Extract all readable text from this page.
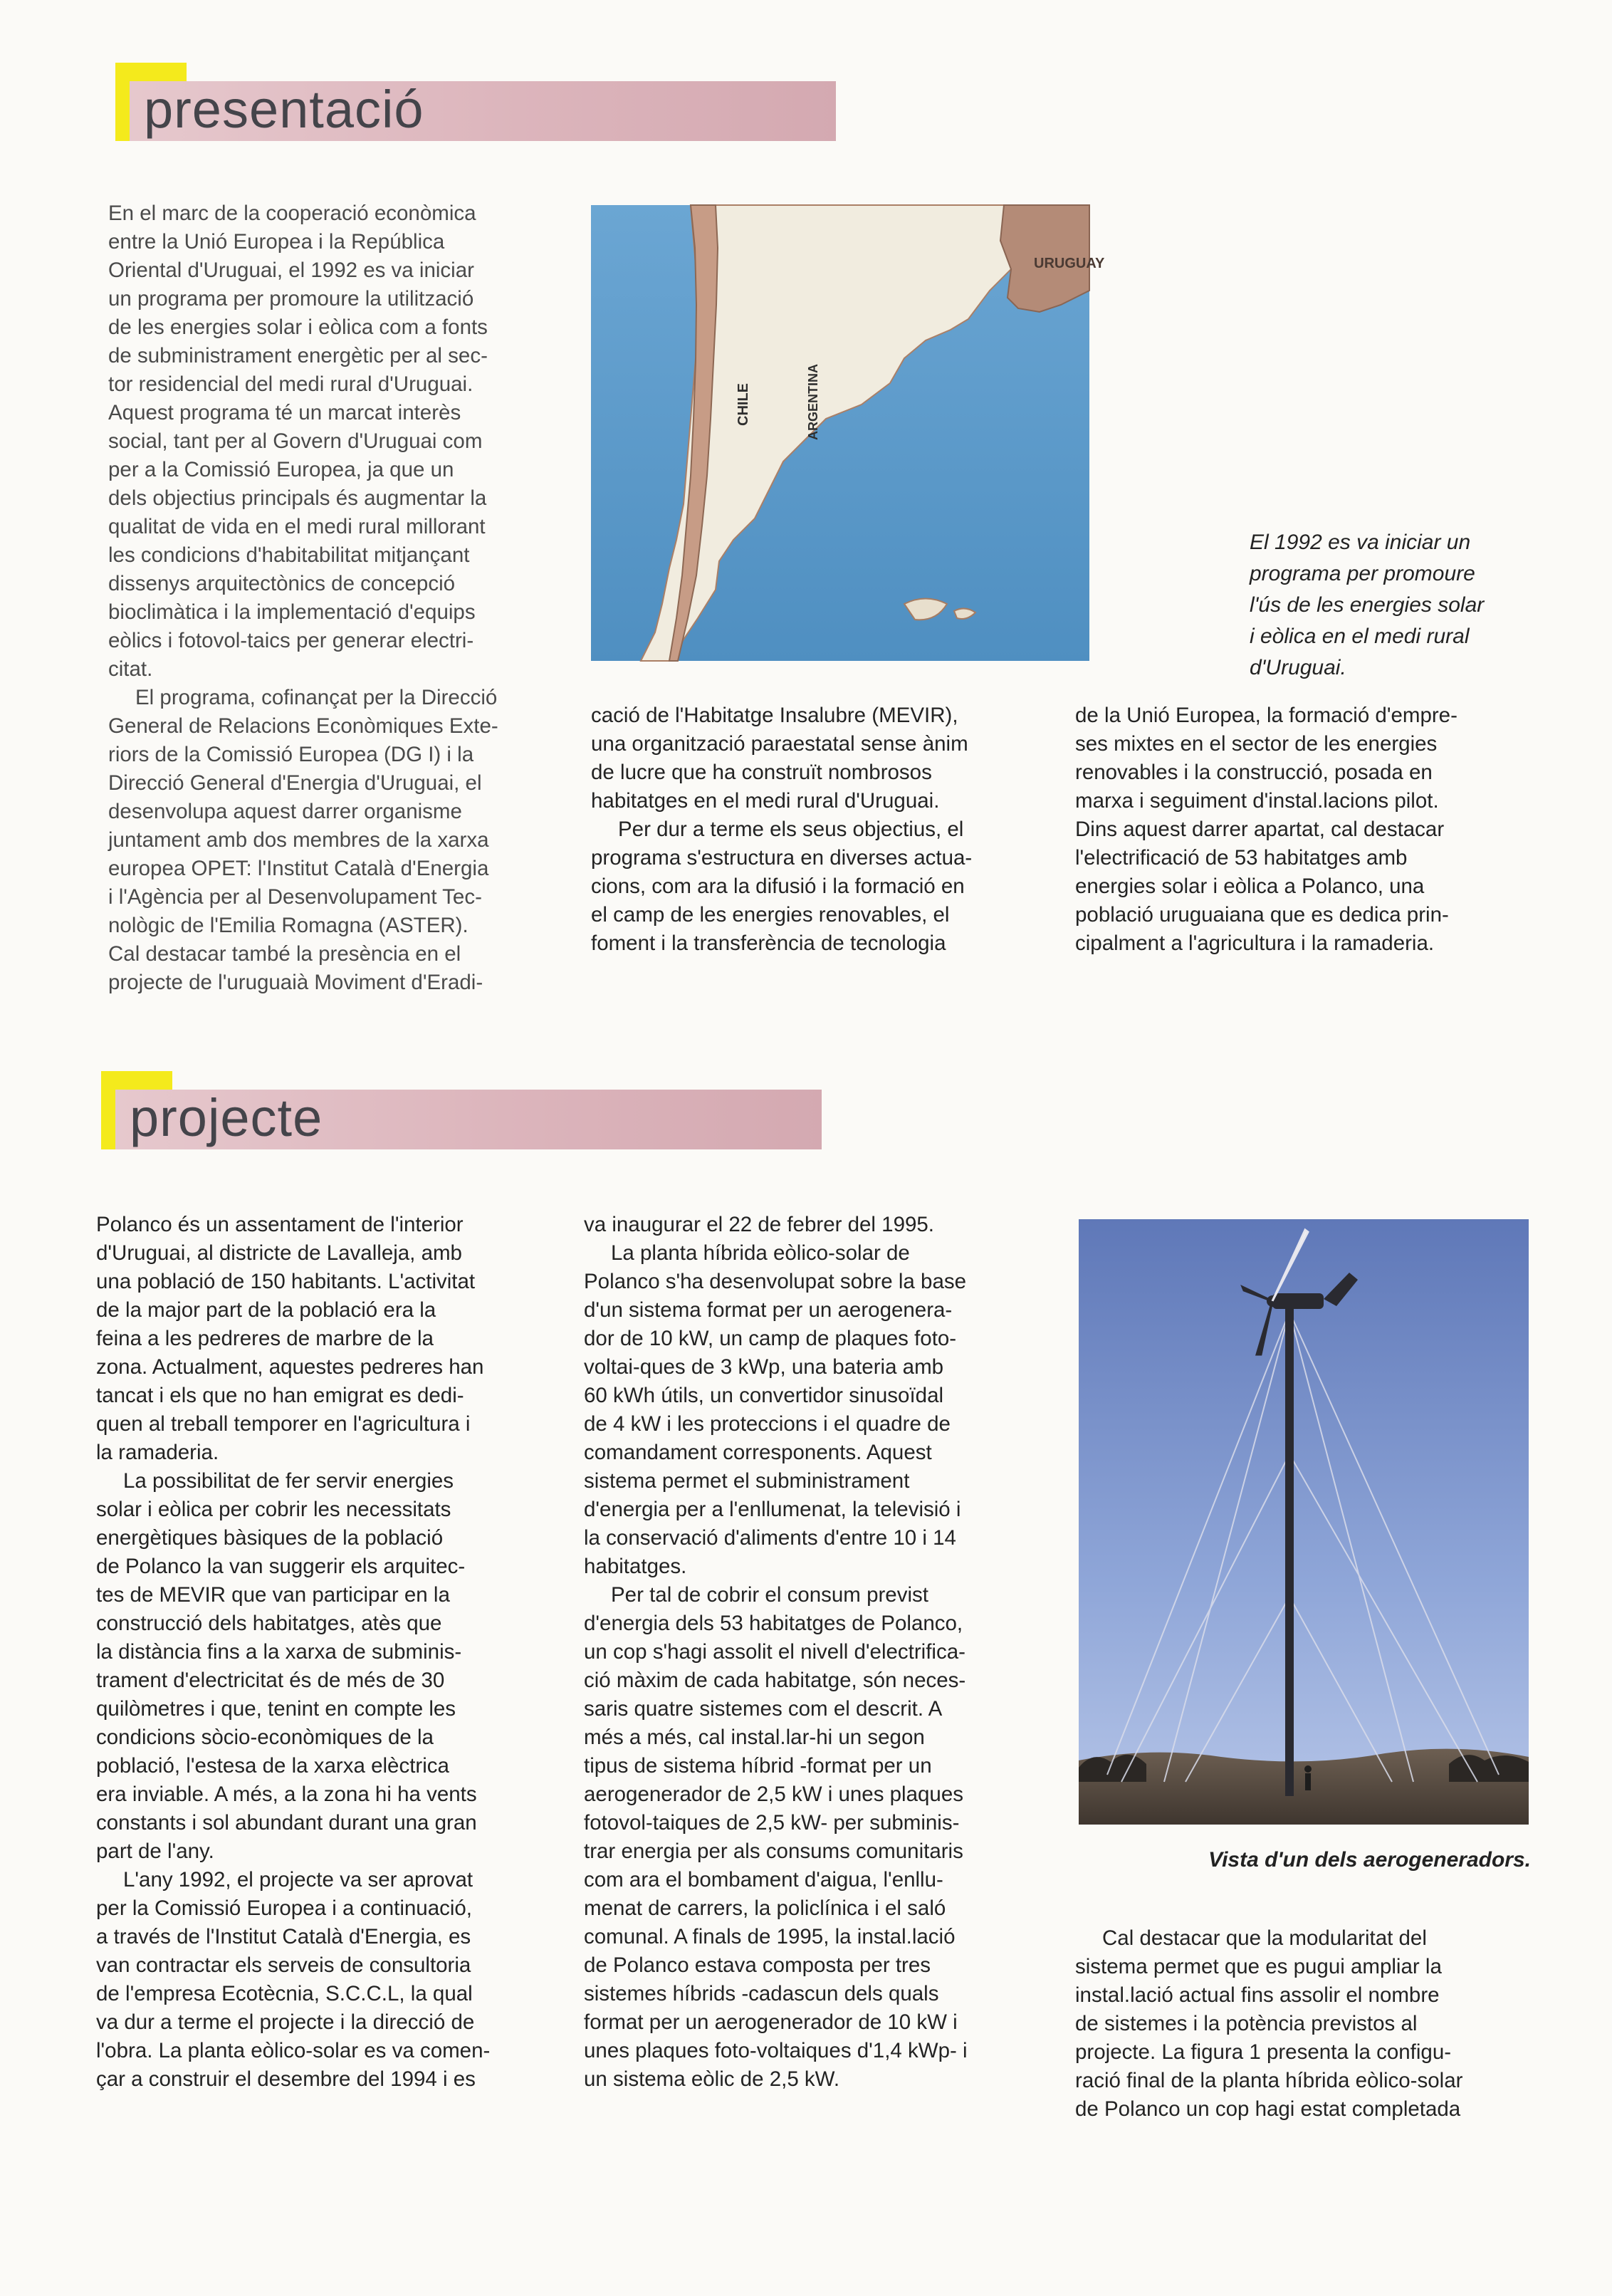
presentació

En el marc de la cooperació econòmica
entre la Unió Europea i la República
Oriental d'Uruguai, el 1992 es va iniciar
un programa per promoure la utilització
de les energies solar i eòlica com a fonts
de subministrament energètic per al sec-
tor residencial del medi rural d'Uruguai.
Aquest programa té un marcat interès
social, tant per al Govern d'Uruguai com
per a la Comissió Europea, ja que un
dels objectius principals és augmentar la
qualitat de vida en el medi rural millorant
les condicions d'habitabilitat mitjançant
dissenys arquitectònics de concepció
bioclimàtica i la implementació d'equips
eòlics i fotovol-taics per generar electri-
citat.

El programa, cofinançat per la Direcció
General de Relacions Econòmiques Exte-
riors de la Comissió Europea (DG I) i la
Direcció General d'Energia d'Uruguai, el
desenvolupa aquest darrer organisme
juntament amb dos membres de la xarxa
europea OPET: l'Institut Català d'Energia
i l'Agència per al Desenvolupament Tec-
nològic de l'Emilia Romagna (ASTER).
Cal destacar també la presència en el
projecte de l'uruguaià Moviment d'Eradi-

URUGUAY
CHILE	ARGENTINA
El 1992 es va iniciar un
programa per promoure
l'ús de les energies solar
i eòlica en el medi rural
d'Uruguai.

cació de l'Habitatge Insalubre (MEVIR),
una organització paraestatal sense ànim
de lucre que ha construït nombrosos
habitatges en el medi rural d'Uruguai.

Per dur a terme els seus objectius, el
programa s'estructura en diverses actua-
cions, com ara la difusió i la formació en
el camp de les energies renovables, el
foment i la transferència de tecnologia

de la Unió Europea, la formació d'empre-
ses mixtes en el sector de les energies
renovables i la construcció, posada en
marxa i seguiment d'instal.lacions pilot.
Dins aquest darrer apartat, cal destacar
l'electrificació de 53 habitatges amb
energies solar i eòlica a Polanco, una
població uruguaiana que es dedica prin-
cipalment a l'agricultura i la ramaderia.

projecte

Polanco és un assentament de l'interior
d'Uruguai, al districte de Lavalleja, amb
una població de 150 habitants. L'activitat
de la major part de la població era la
feina a les pedreres de marbre de la
zona. Actualment, aquestes pedreres han
tancat i els que no han emigrat es dedi-
quen al treball temporer en l'agricultura i
la ramaderia.

La possibilitat de fer servir energies
solar i eòlica per cobrir les necessitats
energètiques bàsiques de la població
de Polanco la van suggerir els arquitec-
tes de MEVIR que van participar en la
construcció dels habitatges, atès que
la distància fins a la xarxa de subminis-
trament d'electricitat és de més de 30
quilòmetres i que, tenint en compte les
condicions sòcio-econòmiques de la
població, l'estesa de la xarxa elèctrica
era inviable. A més, a la zona hi ha vents
constants i sol abundant durant una gran
part de l'any.

L'any 1992, el projecte va ser aprovat
per la Comissió Europea i a continuació,
a través de l'Institut Català d'Energia, es
van contractar els serveis de consultoria
de l'empresa Ecotècnia, S.C.C.L, la qual
va dur a terme el projecte i la direcció de
l'obra. La planta eòlico-solar es va comen-
çar a construir el desembre del 1994 i es

va inaugurar el 22 de febrer del 1995.

La planta híbrida eòlico-solar de
Polanco s'ha desenvolupat sobre la base
d'un sistema format per un aerogenera-
dor de 10 kW, un camp de plaques foto-
voltai-ques de 3 kWp, una bateria amb
60 kWh útils, un convertidor sinusoïdal
de 4 kW i les proteccions i el quadre de
comandament corresponents. Aquest
sistema permet el subministrament
d'energia per a l'enllumenat, la televisió i
la conservació d'aliments d'entre 10 i 14
habitatges.

Per tal de cobrir el consum previst
d'energia dels 53 habitatges de Polanco,
un cop s'hagi assolit el nivell d'electrifica-
ció màxim de cada habitatge, són neces-
saris quatre sistemes com el descrit. A
més a més, cal instal.lar-hi un segon
tipus de sistema híbrid -format per un
aerogenerador de 2,5 kW i unes plaques
fotovol-taiques de 2,5 kW- per subminis-
trar energia per als consums comunitaris
com ara el bombament d'aigua, l'enllu-
menat de carrers, la policlínica i el saló
comunal. A finals de 1995, la instal.lació
de Polanco estava composta per tres
sistemes híbrids -cadascun dels quals
format per un aerogenerador de 10 kW i
unes plaques foto-voltaiques d'1,4 kWp- i
un sistema eòlic de 2,5 kW.

Vista d'un dels aerogeneradors.

Cal destacar que la modularitat del
sistema permet que es pugui ampliar la
instal.lació actual fins assolir el nombre
de sistemes i la potència previstos al
projecte. La figura 1 presenta la configu-
ració final de la planta híbrida eòlico-solar
de Polanco un cop hagi estat completada
